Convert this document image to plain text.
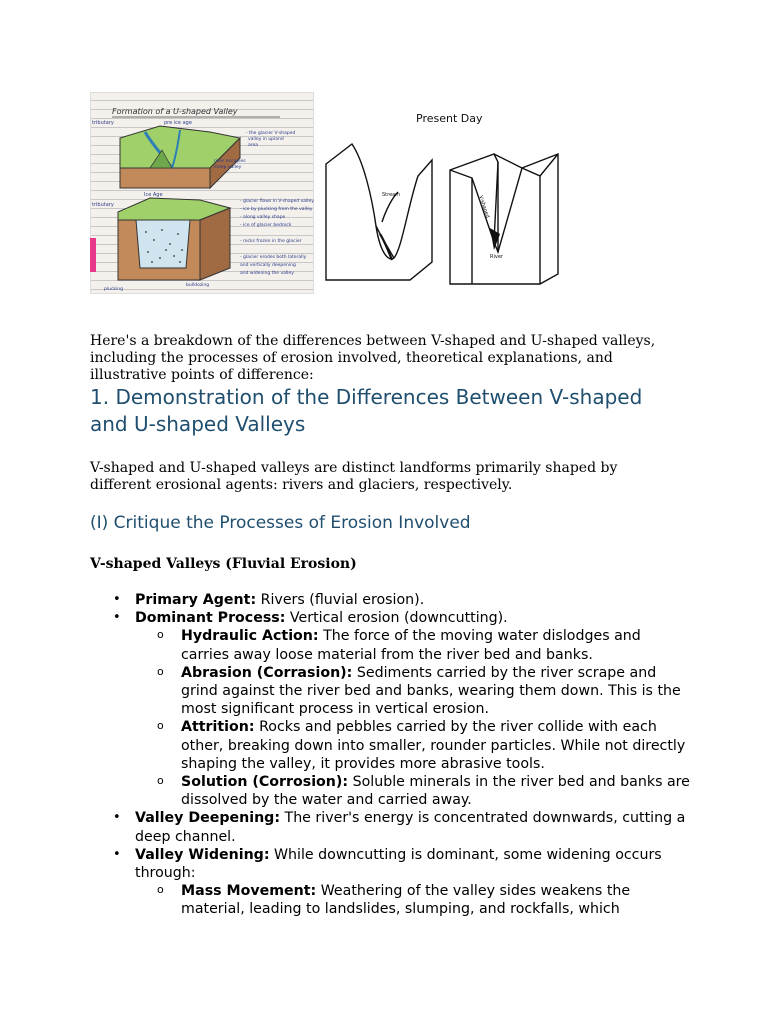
Formation of a U-shaped Valley
tributary	pre ice age
- the glacier V-shaped
valley in upland
area
river occupies
steep valley
tributary
Ice Age
- glacier flows in V-shaped valley
- ice by plucking from the valley
- along valley shape
- ice of glacier bedrock
- rocks frozen in the glacier
- glacier erodes both laterally
and vertically deepening
and widening the valley
plucking
bulldozing
Present Day
Stream	V-shaped
River

Here's a breakdown of the differences between V-shaped and U-shaped valleys, including the processes of erosion involved, theoretical explanations, and illustrative points of difference:

1. Demonstration of the Differences Between V-shaped
and U-shaped Valleys

V-shaped and U-shaped valleys are distinct landforms primarily shaped by different erosional agents: rivers and glaciers, respectively.

(I) Critique the Processes of Erosion Involved

V-shaped Valleys (Fluvial Erosion)

• Primary Agent: Rivers (fluvial erosion).
• Dominant Process: Vertical erosion (downcutting).
o Hydraulic Action: The force of the moving water dislodges and carries away loose material from the river bed and banks.
o Abrasion (Corrasion): Sediments carried by the river scrape and grind against the river bed and banks, wearing them down. This is the most significant process in vertical erosion.
o Attrition: Rocks and pebbles carried by the river collide with each other, breaking down into smaller, rounder particles. While not directly shaping the valley, it provides more abrasive tools.
o Solution (Corrosion): Soluble minerals in the river bed and banks are dissolved by the water and carried away.
• Valley Deepening: The river's energy is concentrated downwards, cutting a deep channel.
• Valley Widening: While downcutting is dominant, some widening occurs through:
o Mass Movement: Weathering of the valley sides weakens the material, leading to landslides, slumping, and rockfalls, which
